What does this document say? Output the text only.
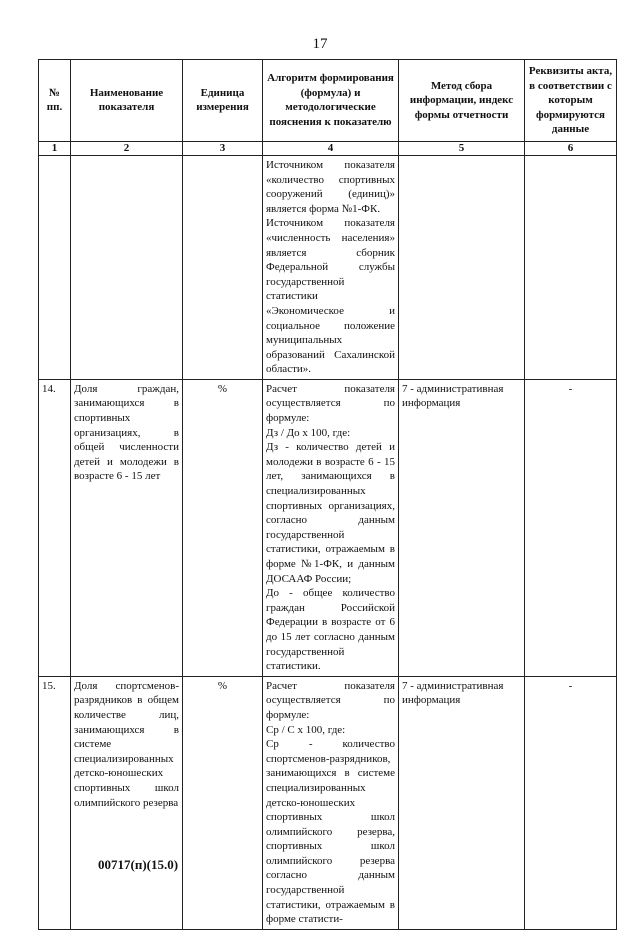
17
№ пп.	Наименование показателя	Единица измерения	Алгоритм формирования (формула) и методологические пояснения к показателю	Метод сбора информации, индекс формы отчетности	Реквизиты акта, в соответствии с которым формируются данные
1	2	3	4	5	6

			Источником показателя «количество спортивных сооружений (единиц)» является форма №1-ФК.
Источником показателя «численность населения» является сборник Федеральной службы государственной статистики «Экономическое и социальное положение муниципальных образований Сахалинской области».		

14.	Доля граждан, занимающихся в спортивных организациях, в общей численности детей и молодежи в возрасте 6 - 15 лет	%	Расчет показателя осуществляется по формуле:
Дз / До x 100, где:
Дз - количество детей и молодежи в возрасте 6 - 15 лет, занимающихся в специализированных спортивных организациях, согласно данным государственной статистики, отражаемым в форме №1-ФК, и данным ДОСААФ России;
До - общее количество граждан Российской Федерации в возрасте от 6 до 15 лет согласно данным государственной статистики.	7 - административная информация	-
15.	Доля спортсменов-разрядников в общем количестве лиц, занимающихся в системе специализированных детско-юношеских спортивных школ олимпийского резерва	%	Расчет показателя осуществляется по формуле:
Ср / С x 100, где:
Ср - количество спортсменов-разрядников, занимающихся в системе специализированных детско-юношеских спортивных школ олимпийского резерва, спортивных школ олимпийского резерва согласно данным государственной статистики, отражаемым в форме статисти-	7 - административная информация	-
00717(п)(15.0)
